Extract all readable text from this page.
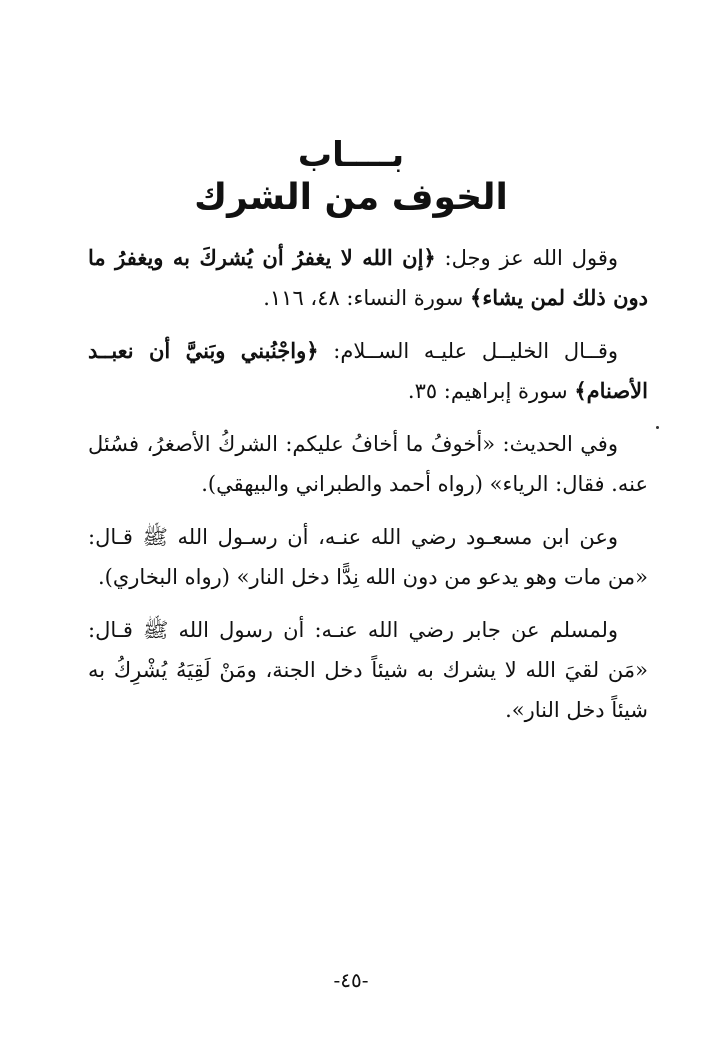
بــــاب
الخوف من الشرك

وقول الله عز وجل: ﴿إن الله لا يغفرُ أن يُشركَ به ويغفرُ ما دون ذلك لمن يشاء﴾ سورة النساء: ٤٨، ١١٦.

وقــال الخليــل عليـه الســلام: ﴿واجْنُبني وبَنيَّ أن نعبــد الأصنام﴾ سورة إبراهيم: ٣٥.

وفي الحديث: «أخوفُ ما أخافُ عليكم: الشركُ الأصغرُ، فسُئل عنه. فقال: الرياء» (رواه أحمد والطبراني والبيهقي).

وعن ابن مسعـود رضي الله عنـه، أن رسـول الله ﷺ قـال: «من مات وهو يدعو من دون الله نِدًّا دخل النار» (رواه البخاري).

ولمسلم عن جابر رضي الله عنـه: أن رسول الله ﷺ قـال: «مَن لقيَ الله لا يشرك به شيئاً دخل الجنة، ومَنْ لَقِيَهُ يُشْرِكُ به شيئاً دخل النار».

-٤٥-
